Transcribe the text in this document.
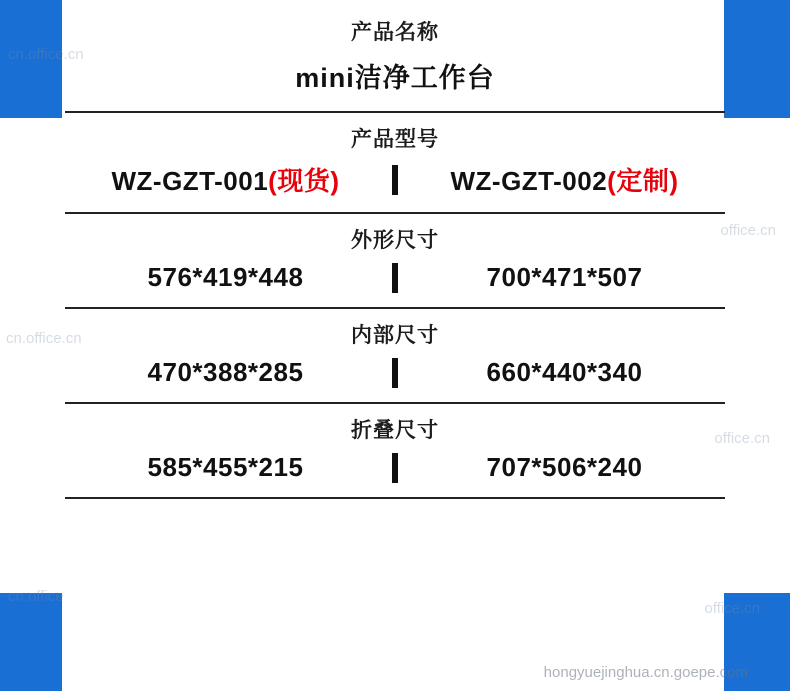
产品名称
mini洁净工作台
产品型号
WZ-GZT-001(现货)	WZ-GZT-002(定制)
外形尺寸
576*419*448	700*471*507
内部尺寸
470*388*285	660*440*340
折叠尺寸
585*455*215	707*506*240
cn.office.cn
office.cn
cn.office.cn
office.cn
cn.office
office.cn
hongyuejinghua.cn.goepe.com
